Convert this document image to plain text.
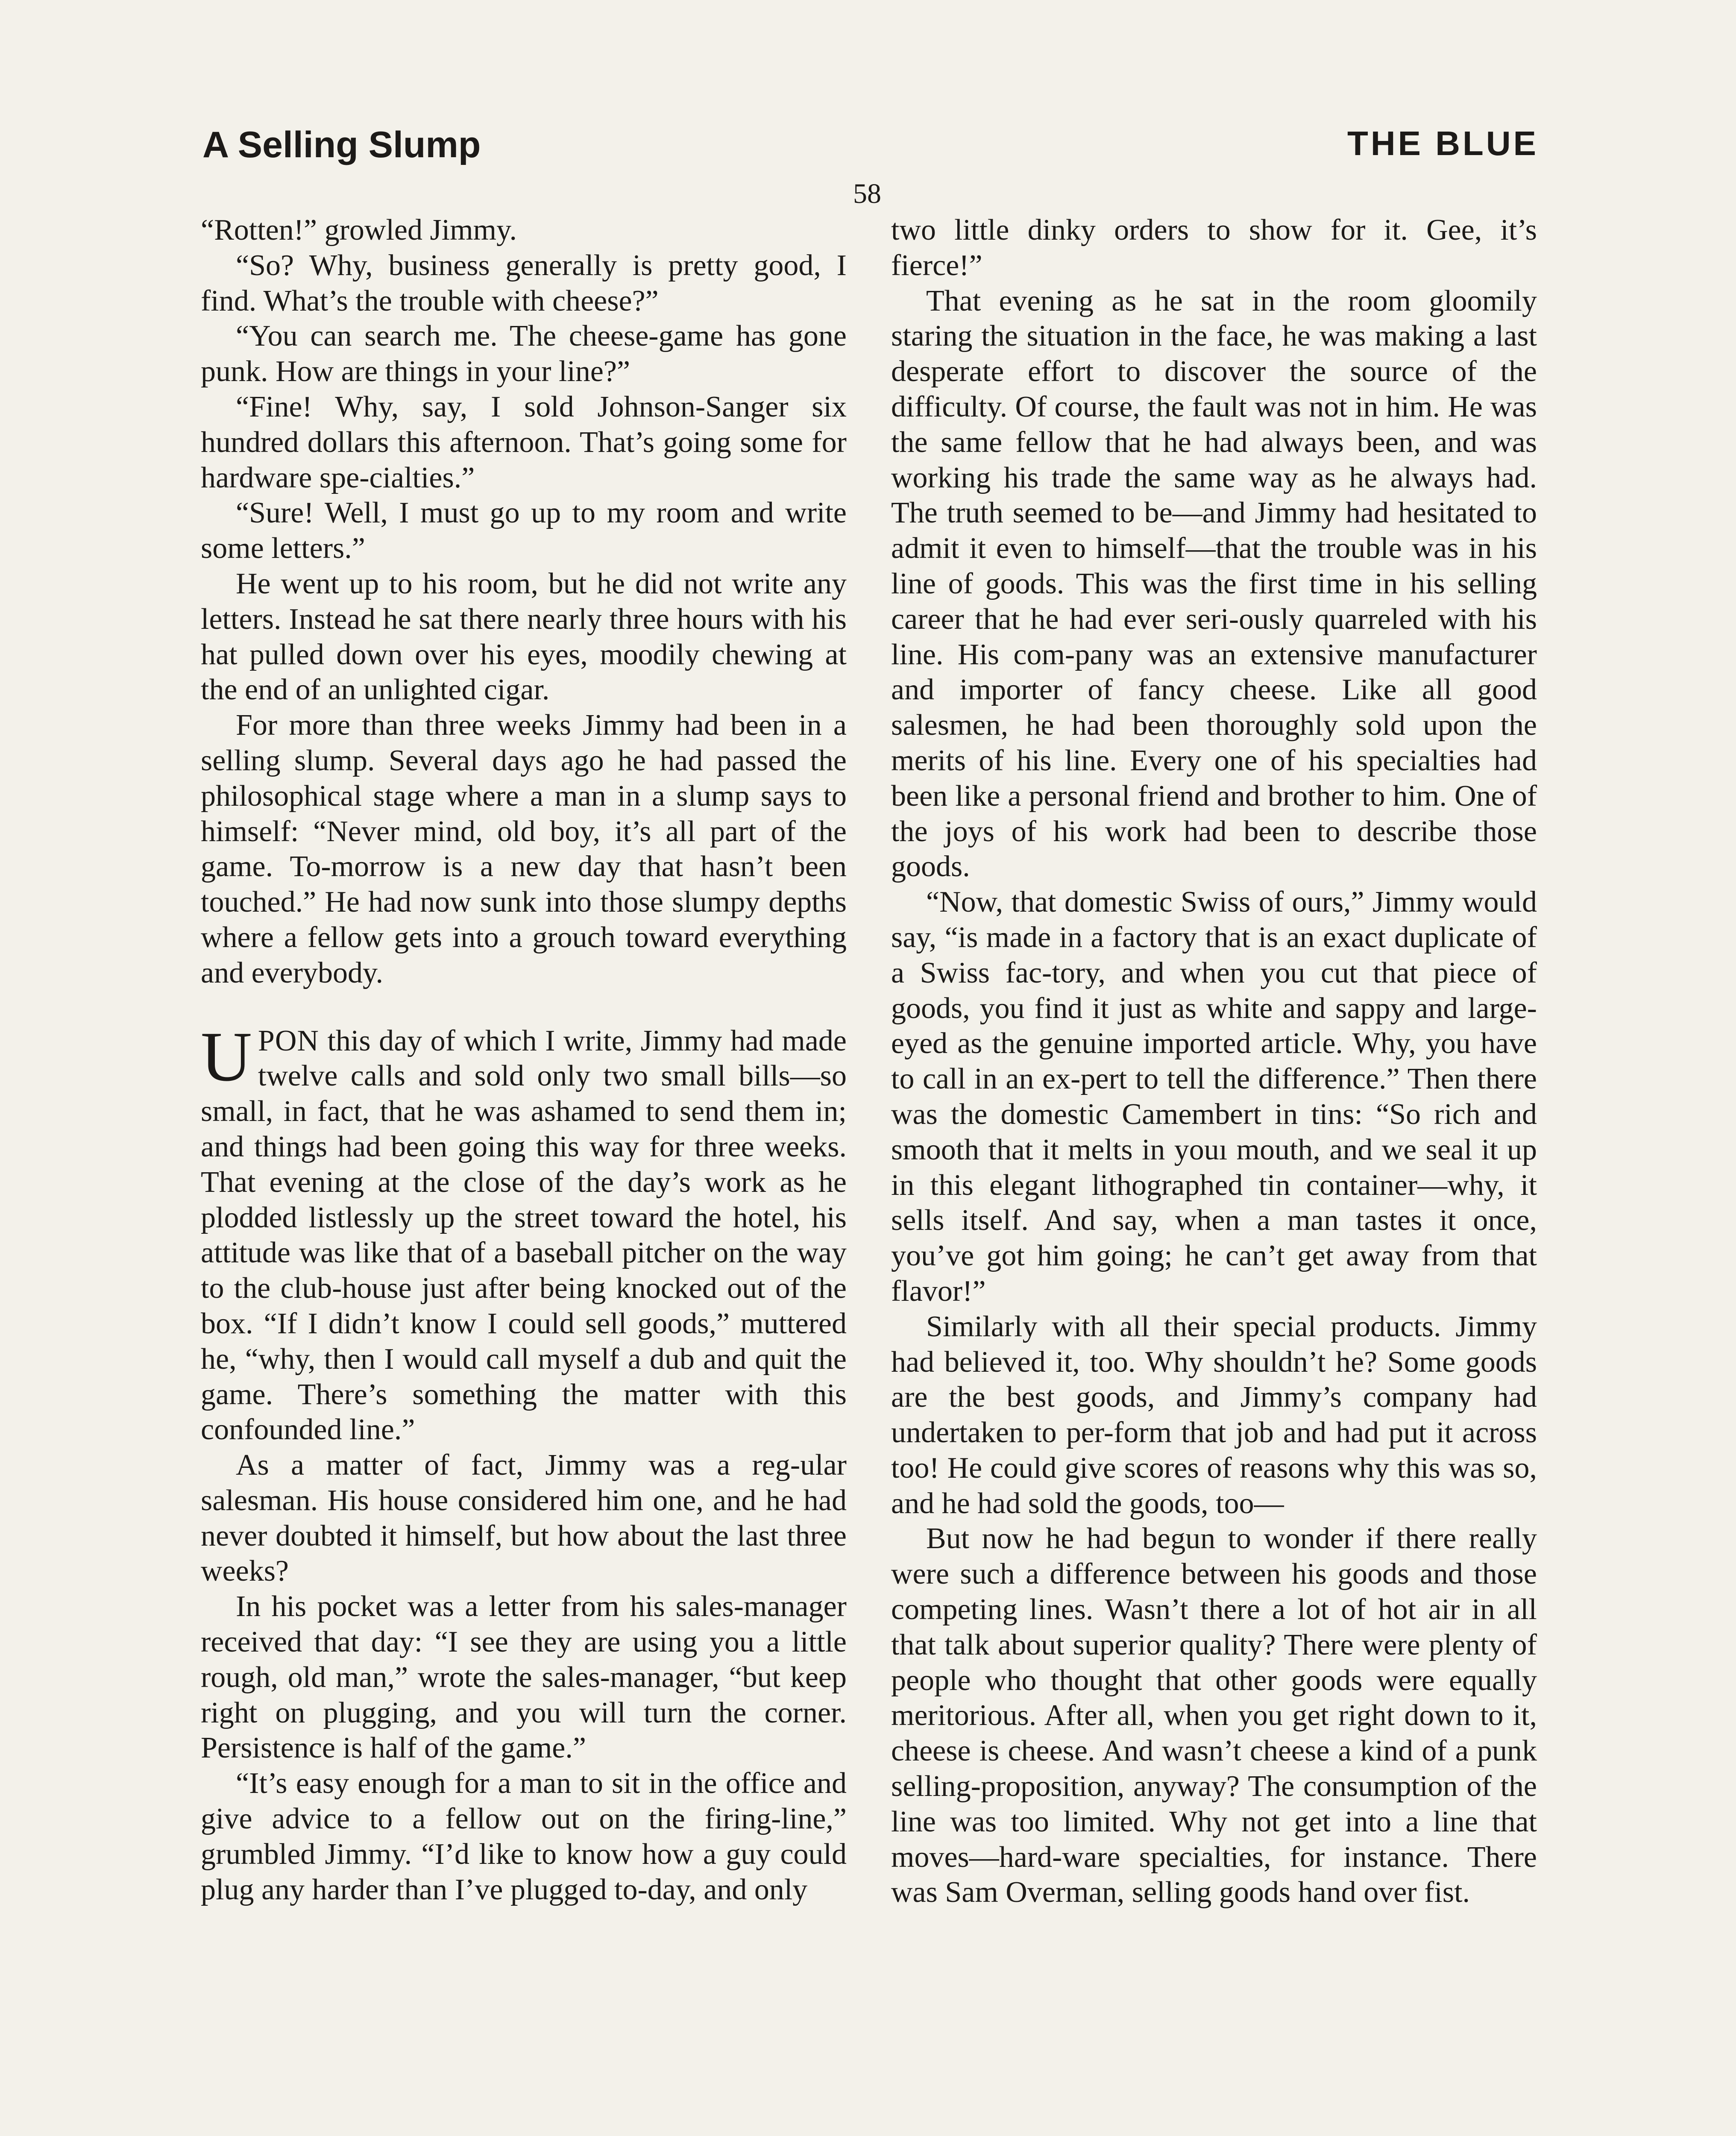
A Selling Slump	THE BLUE
58

“Rotten!” growled Jimmy.

“So? Why, business generally is pretty good, I find. What’s the trouble with cheese?”

“You can search me. The cheese-game has gone punk. How are things in your line?”

“Fine! Why, say, I sold Johnson-Sanger six hundred dollars this afternoon. That’s going some for hardware spe-cialties.”

“Sure! Well, I must go up to my room and write some letters.”

He went up to his room, but he did not write any letters. Instead he sat there nearly three hours with his hat pulled down over his eyes, moodily chewing at the end of an unlighted cigar.

For more than three weeks Jimmy had been in a selling slump. Several days ago he had passed the philosophical stage where a man in a slump says to himself: “Never mind, old boy, it’s all part of the game. To-morrow is a new day that hasn’t been touched.” He had now sunk into those slumpy depths where a fellow gets into a grouch toward everything and everybody.

UPON this day of which I write, Jimmy had made twelve calls and sold only two small bills—so small, in fact, that he was ashamed to send them in; and things had been going this way for three weeks. That evening at the close of the day’s work as he plodded listlessly up the street toward the hotel, his attitude was like that of a baseball pitcher on the way to the club-house just after being knocked out of the box. “If I didn’t know I could sell goods,” muttered he, “why, then I would call myself a dub and quit the game. There’s something the matter with this confounded line.”

As a matter of fact, Jimmy was a reg-ular salesman. His house considered him one, and he had never doubted it himself, but how about the last three weeks?

In his pocket was a letter from his sales-manager received that day: “I see they are using you a little rough, old man,” wrote the sales-manager, “but keep right on plugging, and you will turn the corner. Persistence is half of the game.”

“It’s easy enough for a man to sit in the office and give advice to a fellow out on the firing-line,” grumbled Jimmy. “I’d like to know how a guy could plug any harder than I’ve plugged to-day, and only

two little dinky orders to show for it. Gee, it’s fierce!”

That evening as he sat in the room gloomily staring the situation in the face, he was making a last desperate effort to discover the source of the difficulty. Of course, the fault was not in him. He was the same fellow that he had always been, and was working his trade the same way as he always had. The truth seemed to be—and Jimmy had hesitated to admit it even to himself—that the trouble was in his line of goods. This was the first time in his selling career that he had ever seri-ously quarreled with his line. His com-pany was an extensive manufacturer and importer of fancy cheese. Like all good salesmen, he had been thoroughly sold upon the merits of his line. Every one of his specialties had been like a personal friend and brother to him. One of the joys of his work had been to describe those goods.

“Now, that domestic Swiss of ours,” Jimmy would say, “is made in a factory that is an exact duplicate of a Swiss fac-tory, and when you cut that piece of goods, you find it just as white and sappy and large-eyed as the genuine imported article. Why, you have to call in an ex-pert to tell the difference.” Then there was the domestic Camembert in tins: “So rich and smooth that it melts in youı mouth, and we seal it up in this elegant lithographed tin container—why, it sells itself. And say, when a man tastes it once, you’ve got him going; he can’t get away from that flavor!”

Similarly with all their special products. Jimmy had believed it, too. Why shouldn’t he? Some goods are the best goods, and Jimmy’s company had undertaken to per-form that job and had put it across too! He could give scores of reasons why this was so, and he had sold the goods, too—

But now he had begun to wonder if there really were such a difference between his goods and those competing lines. Wasn’t there a lot of hot air in all that talk about superior quality? There were plenty of people who thought that other goods were equally meritorious. After all, when you get right down to it, cheese is cheese. And wasn’t cheese a kind of a punk selling-proposition, anyway? The consumption of the line was too limited. Why not get into a line that moves—hard-ware specialties, for instance. There was Sam Overman, selling goods hand over fist.
